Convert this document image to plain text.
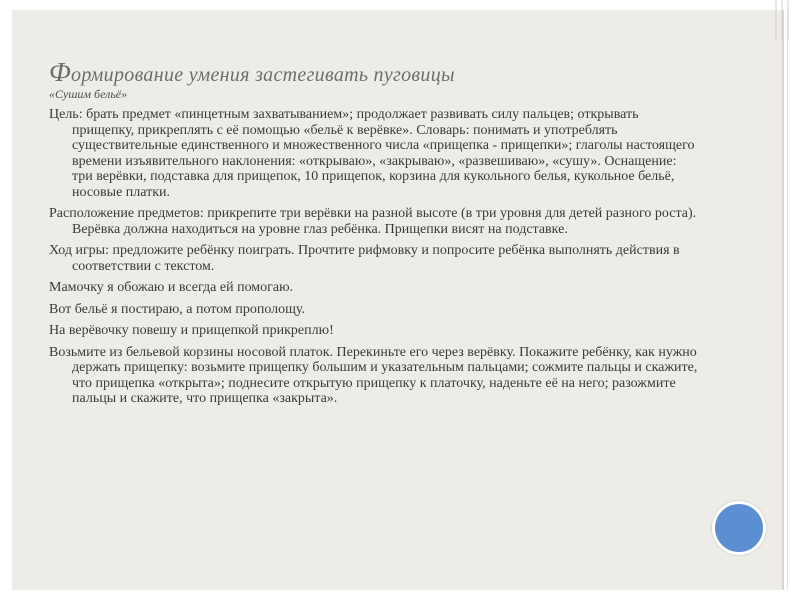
Формирование умения застегивать пуговицы
«Сушим бельё»

Цель: брать предмет «пинцетным захватыванием»; продолжает развивать силу пальцев; открывать прищепку, прикреплять с её помощью «бельё к верёвке». Словарь: понимать и употреблять существительные единственного и множественного числа «прищепка - прищепки»; глаголы настоящего времени изъявительного наклонения: «открываю», «закрываю», «развешиваю», «сушу». Оснащение: три верёвки, подставка для прищепок, 10 прищепок, корзина для кукольного белья, кукольное бельё, носовые платки.

Расположение предметов: прикрепите три верёвки на разной высоте (в три уровня для детей разного роста). Верёвка должна находиться на уровне глаз ребёнка. Прищепки висят на подставке.

Ход игры: предложите ребёнку поиграть. Прочтите рифмовку и попросите ребёнка выполнять действия в соответствии с текстом.

Мамочку я обожаю и всегда ей помогаю.

Вот бельё я постираю, а потом прополощу.

На верёвочку повешу и прищепкой прикреплю!

Возьмите из бельевой корзины носовой платок. Перекиньте его через верёвку. Покажите ребёнку, как нужно держать прищепку: возьмите прищепку большим и указательным пальцами; сожмите пальцы и скажите, что прищепка «открыта»; поднесите открытую прищепку к платочку, наденьте её на него; разожмите пальцы и скажите, что прищепка «закрыта».
